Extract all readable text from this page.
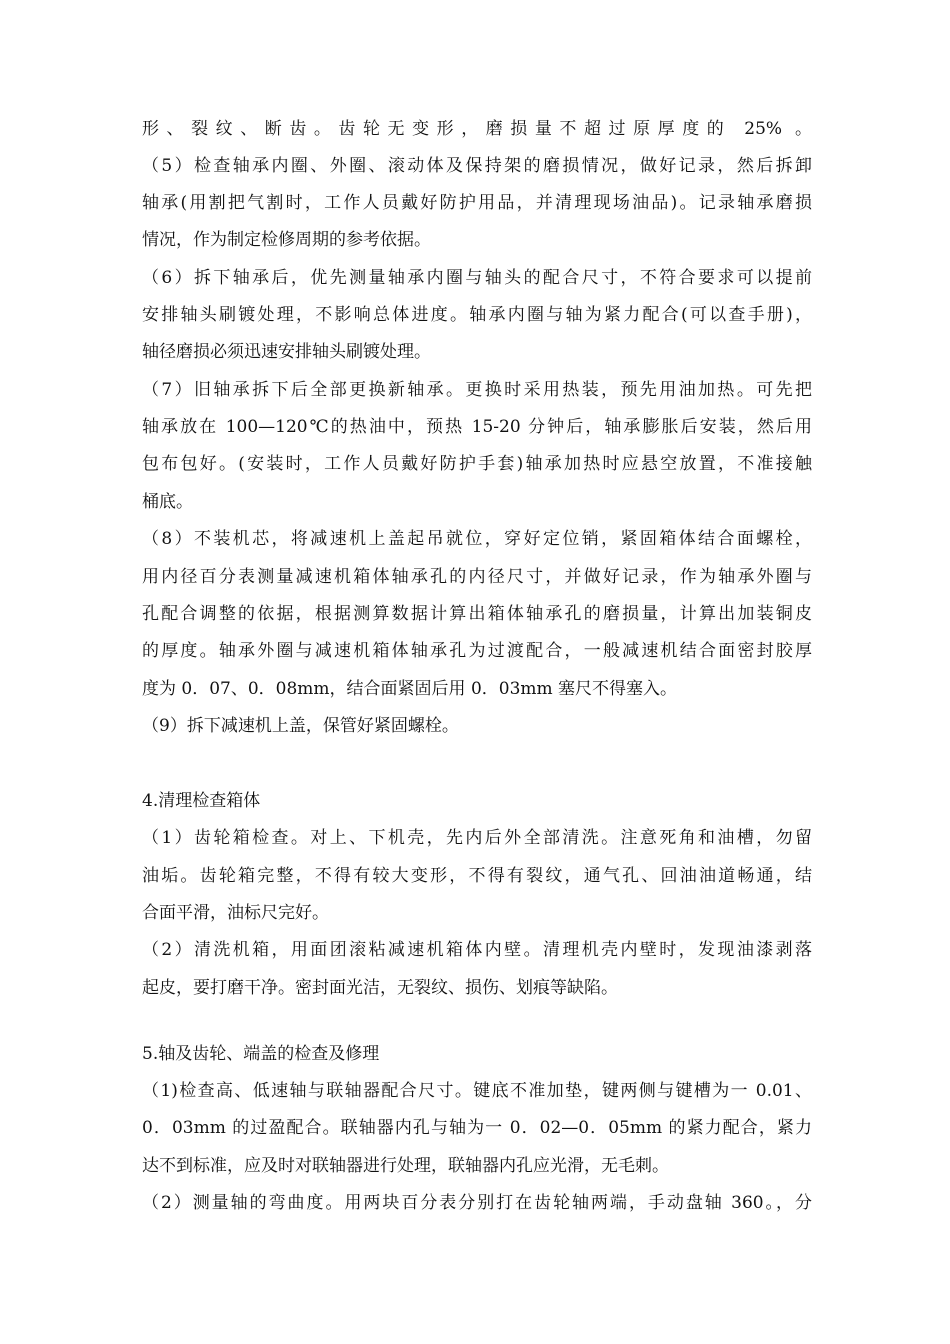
形、裂纹、断齿。齿轮无变形，磨损量不超过原厚度的 25% 。
（5）检查轴承内圈、外圈、滚动体及保持架的磨损情况，做好记录，然后拆卸
轴承(用割把气割时，工作人员戴好防护用品，并清理现场油品)。记录轴承磨损
情况，作为制定检修周期的参考依据。
（6）拆下轴承后，优先测量轴承内圈与轴头的配合尺寸，不符合要求可以提前
安排轴头刷镀处理，不影响总体进度。轴承内圈与轴为紧力配合(可以查手册)，
轴径磨损必须迅速安排轴头刷镀处理。
（7）旧轴承拆下后全部更换新轴承。更换时采用热装，预先用油加热。可先把
轴承放在 100—120℃的热油中，预热 15-20 分钟后，轴承膨胀后安装，然后用
包布包好。(安装时，工作人员戴好防护手套)轴承加热时应悬空放置，不准接触
桶底。
（8）不装机芯，将减速机上盖起吊就位，穿好定位销，紧固箱体结合面螺栓，
用内径百分表测量减速机箱体轴承孔的内径尺寸，并做好记录，作为轴承外圈与
孔配合调整的依据，根据测算数据计算出箱体轴承孔的磨损量，计算出加装铜皮
的厚度。轴承外圈与减速机箱体轴承孔为过渡配合，一般减速机结合面密封胶厚
度为 0．07、0．08mm，结合面紧固后用 0．03mm 塞尺不得塞入。
（9）拆下减速机上盖，保管好紧固螺栓。
4.清理检查箱体
（1）齿轮箱检查。对上、下机壳，先内后外全部清洗。注意死角和油槽，勿留
油垢。齿轮箱完整，不得有较大变形，不得有裂纹，通气孔、回油油道畅通，结
合面平滑，油标尺完好。
（2）清洗机箱，用面团滚粘减速机箱体内壁。清理机壳内壁时，发现油漆剥落
起皮，要打磨干净。密封面光洁，无裂纹、损伤、划痕等缺陷。
5.轴及齿轮、端盖的检查及修理
（1)检查高、低速轴与联轴器配合尺寸。键底不准加垫，键两侧与键槽为一 0.01、
0．03mm 的过盈配合。联轴器内孔与轴为一 0．02—0．05mm 的紧力配合，紧力
达不到标准，应及时对联轴器进行处理，联轴器内孔应光滑，无毛刺。
（2）测量轴的弯曲度。用两块百分表分别打在齿轮轴两端，手动盘轴 360。，分
